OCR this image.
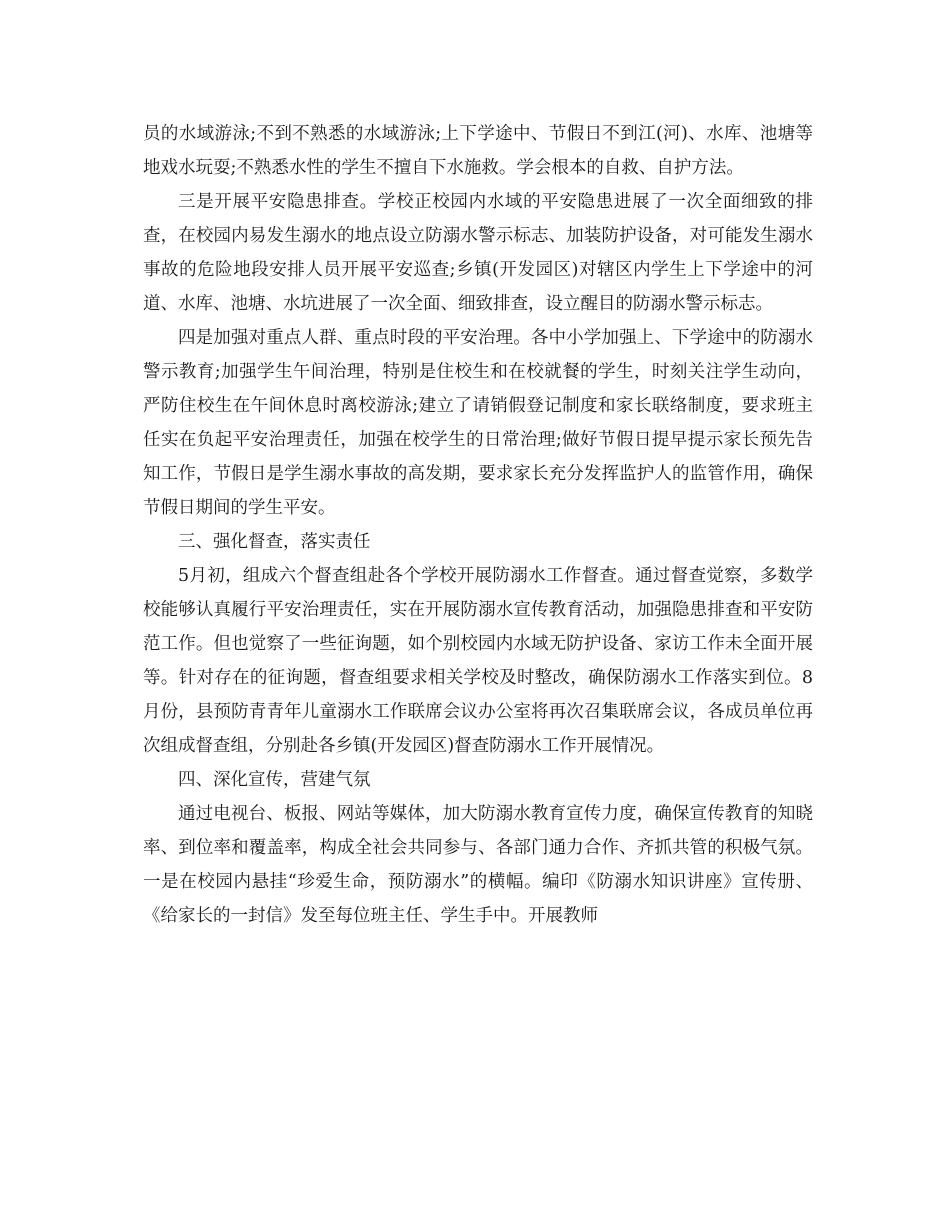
员的水域游泳;不到不熟悉的水域游泳;上下学途中、节假日不到江(河)、水库、池塘等地戏水玩耍;不熟悉水性的学生不擅自下水施救。学会根本的自救、自护方法。

三是开展平安隐患排查。学校正校园内水域的平安隐患进展了一次全面细致的排查，在校园内易发生溺水的地点设立防溺水警示标志、加装防护设备，对可能发生溺水事故的危险地段安排人员开展平安巡查;乡镇(开发园区)对辖区内学生上下学途中的河道、水库、池塘、水坑进展了一次全面、细致排查，设立醒目的防溺水警示标志。

四是加强对重点人群、重点时段的平安治理。各中小学加强上、下学途中的防溺水警示教育;加强学生午间治理，特别是住校生和在校就餐的学生，时刻关注学生动向，严防住校生在午间休息时离校游泳;建立了请销假登记制度和家长联络制度，要求班主任实在负起平安治理责任，加强在校学生的日常治理;做好节假日提早提示家长预先告知工作，节假日是学生溺水事故的高发期，要求家长充分发挥监护人的监管作用，确保节假日期间的学生平安。

三、强化督查，落实责任

5月初，组成六个督查组赴各个学校开展防溺水工作督查。通过督查觉察，多数学校能够认真履行平安治理责任，实在开展防溺水宣传教育活动，加强隐患排查和平安防范工作。但也觉察了一些征询题，如个别校园内水域无防护设备、家访工作未全面开展等。针对存在的征询题，督查组要求相关学校及时整改，确保防溺水工作落实到位。8月份，县预防青青年儿童溺水工作联席会议办公室将再次召集联席会议，各成员单位再次组成督查组，分别赴各乡镇(开发园区)督查防溺水工作开展情况。

四、深化宣传，营建气氛

通过电视台、板报、网站等媒体，加大防溺水教育宣传力度，确保宣传教育的知晓率、到位率和覆盖率，构成全社会共同参与、各部门通力合作、齐抓共管的积极气氛。一是在校园内悬挂“珍爱生命，预防溺水”的横幅。编印《防溺水知识讲座》宣传册、《给家长的一封信》发至每位班主任、学生手中。开展教师
